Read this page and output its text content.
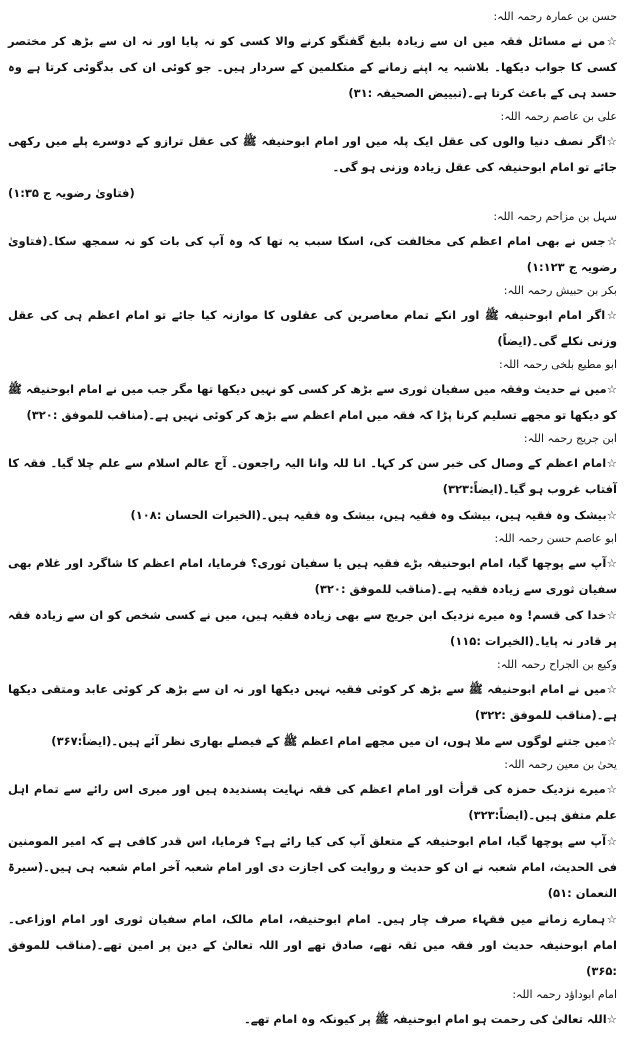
حسن بن عمارہ رحمہ اللہ:

☆مں نے مسائل فقہ میں ان سے زیادہ بلیغ گفتگو کرنے والا کسی کو نہ پایا اور نہ ان سے بڑھ کر مختصر کسی کا جواب دیکھا۔ بلاشبہ یہ اپنے زمانے کے متکلمین کے سردار ہیں۔ جو کوئی ان کی بدگوئی کرتا ہے وہ حسد ہی کے باعث کرتا ہے۔(تبییض الصحیفہ :۳۱)

علی بن عاصم رحمہ اللہ:

☆اگر نصف دنیا والوں کی عقل ایک پلہ میں اور امام ابوحنیفہ ﷺ کی عقل ترازو کے دوسرے پلے میں رکھی جائے تو امام ابوحنیفہ کی عقل زیادہ وزنی ہو گی۔

(فتاویٰ رضویہ ج ۱:۳۵)

سہل بن مزاحم رحمہ اللہ:

☆جس نے بھی امام اعظم کی مخالفت کی، اسکا سبب یہ تھا کہ وہ آپ کی بات کو نہ سمجھ سکا۔(فتاویٰ رضویہ ج ۱:۱۲۳)

بکر بن حبیش رحمہ اللہ:

☆اگر امام ابوحنیفہ ﷺ اور انکے تمام معاصرین کی عقلوں کا موازنہ کیا جائے تو امام اعظم ہی کی عقل وزنی نکلے گی۔(ایضاً)

ابو مطیع بلخی رحمہ اللہ:

☆میں نے حدیث وفقہ میں سفیان ثوری سے بڑھ کر کسی کو نہیں دیکھا تھا مگر جب میں نے امام ابوحنیفہ ﷺ کو دیکھا تو مجھے تسلیم کرنا پڑا کہ فقہ میں امام اعظم سے بڑھ کر کوئی نہیں ہے۔(مناقب للموفق :۳۲۰)

ابن جریج رحمہ اللہ:

☆امام اعظم کے وصال کی خبر سن کر کہا۔ انا للہ وانا الیہ راجعون۔ آج عالم اسلام سے علم چلا گیا۔ فقہ کا آفتاب غروب ہو گیا۔(ایضاً:۳۲۳)

☆بیشک وہ فقیہ ہیں، بیشک وہ فقیہ ہیں، بیشک وہ فقیہ ہیں۔(الخیرات الحسان :۱۰۸)

ابو عاصم حسن رحمہ اللہ:

☆آپ سے پوچھا گیا، امام ابوحنیفہ بڑے فقیہ ہیں یا سفیان ثوری؟ فرمایا، امام اعظم کا شاگرد اور غلام بھی سفیان ثوری سے زیادہ فقیہ ہے۔(مناقب للموفق :۳۲۰)

☆خدا کی قسم! وہ میرے نزدیک ابن جریج سے بھی زیادہ فقیہ ہیں، میں نے کسی شخص کو ان سے زیادہ فقہ پر قادر نہ پایا۔(الخیرات :۱۱۵)

وکیع بن الجراح رحمہ اللہ:

☆میں نے امام ابوحنیفہ ﷺ سے بڑھ کر کوئی فقیہ نہیں دیکھا اور نہ ان سے بڑھ کر کوئی عابد ومتقی دیکھا ہے۔(مناقب للموفق :۳۲۲)

☆میں جتنے لوگوں سے ملا ہوں، ان میں مجھے امام اعظم ﷺ کے فیصلے بھاری نظر آئے ہیں۔(ایضاً:۳۶۷)

یحیٰ بن معین رحمہ اللہ:

☆میرے نزدیک حمزہ کی قرأت اور امام اعظم کی فقہ نہایت پسندیدہ ہیں اور میری اس رائے سے تمام اہل علم متفق ہیں۔(ایضاً:۳۲۳)

☆آپ سے پوچھا گیا، امام ابوحنیفہ کے متعلق آپ کی کیا رائے ہے؟ فرمایا، اس قدر کافی ہے کہ امیر المومنین فی الحدیث، امام شعبہ نے ان کو حدیث و روایت کی اجازت دی اور امام شعبہ آخر امام شعبہ ہی ہیں۔(سیرۃ النعمان :۵۱)

☆ہمارے زمانے میں فقہاء صرف چار ہیں۔ امام ابوحنیفہ، امام مالک، امام سفیان ثوری اور امام اوزاعی۔ امام ابوحنیفہ حدیث اور فقہ میں ثقہ تھے، صادق تھے اور اللہ تعالیٰ کے دین پر امین تھے۔(مناقب للموفق :۳۶۵)

امام ابوداؤد رحمہ اللہ:

☆اللہ تعالیٰ کی رحمت ہو امام ابوحنیفہ ﷺ پر کیونکہ وہ امام تھے۔
